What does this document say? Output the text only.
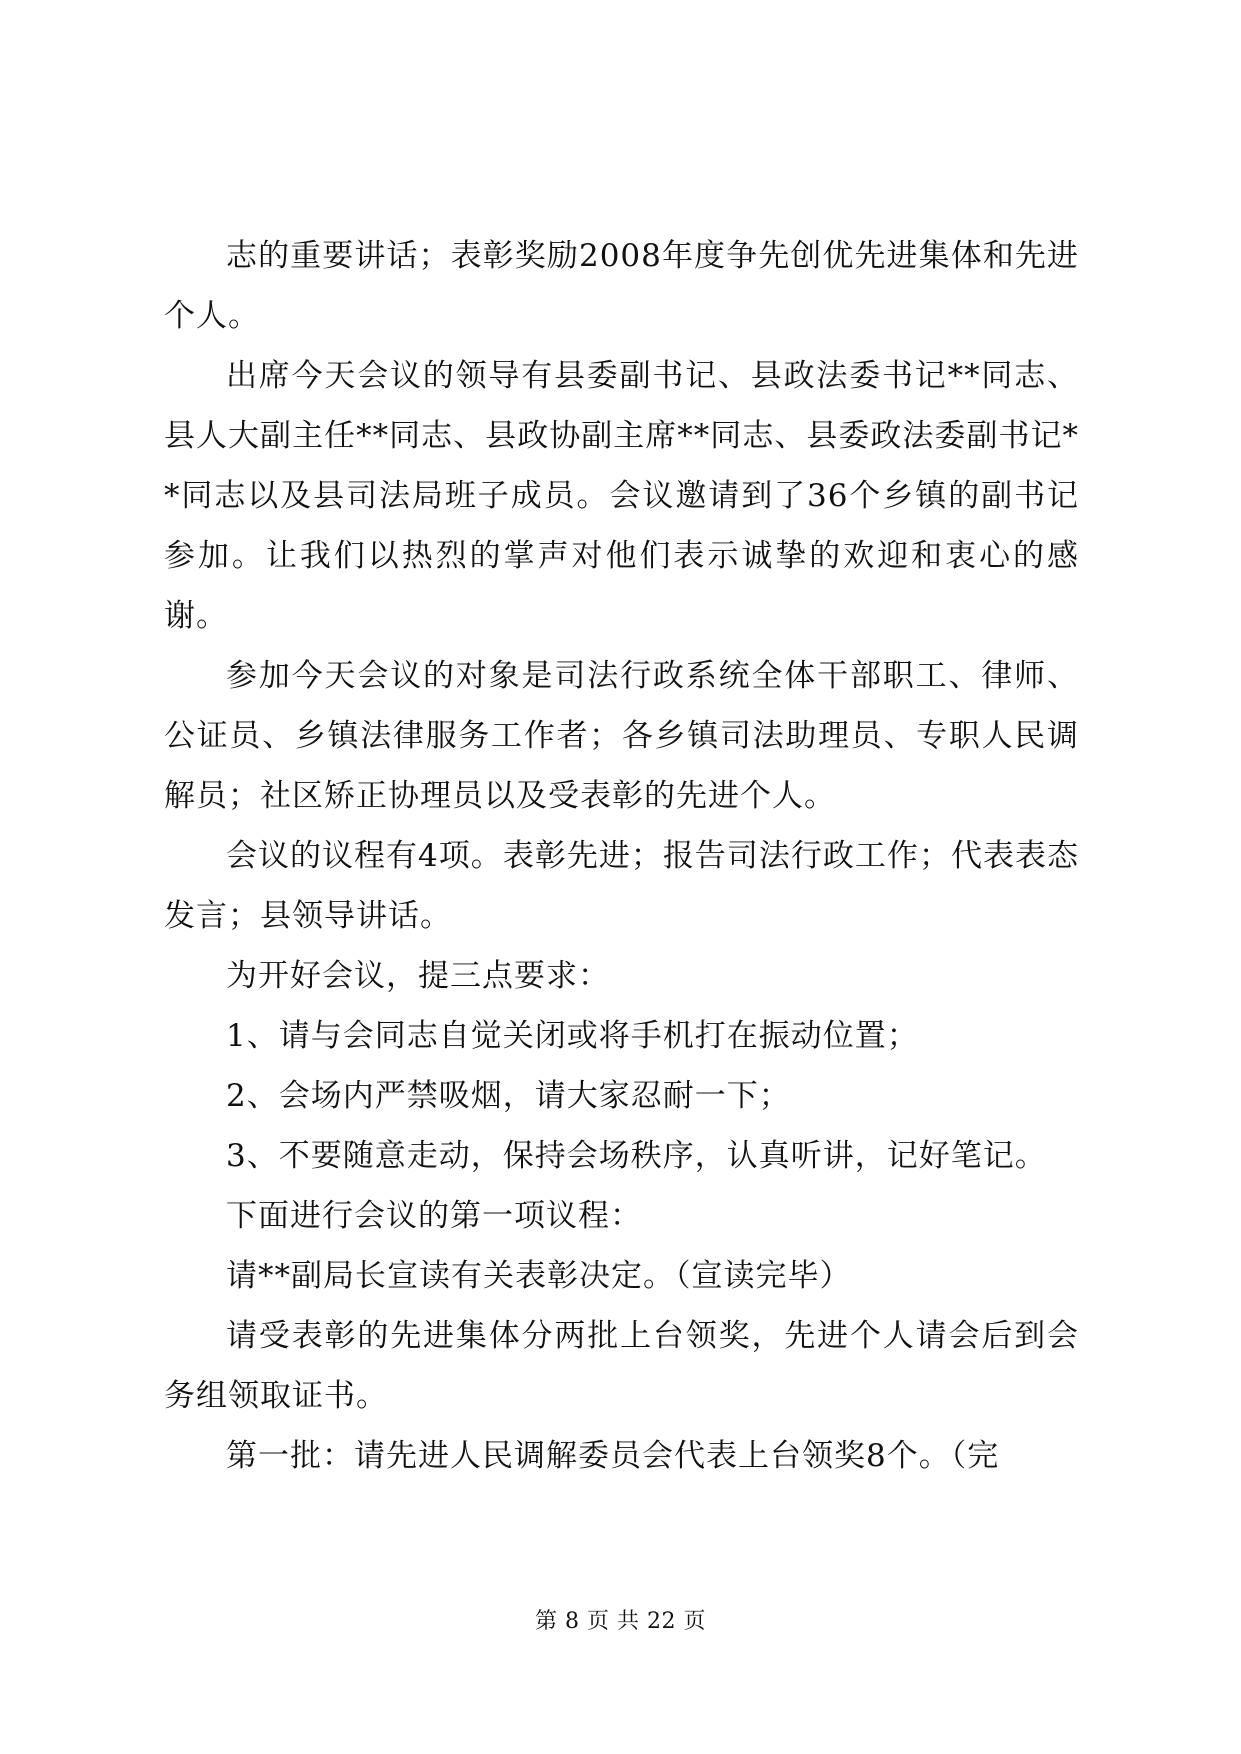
志的重要讲话；表彰奖励2008年度争先创优先进集体和先进个人。

出席今天会议的领导有县委副书记、县政法委书记**同志、县人大副主任**同志、县政协副主席**同志、县委政法委副书记**同志以及县司法局班子成员。会议邀请到了36个乡镇的副书记参加。让我们以热烈的掌声对他们表示诚挚的欢迎和衷心的感谢。

参加今天会议的对象是司法行政系统全体干部职工、律师、公证员、乡镇法律服务工作者；各乡镇司法助理员、专职人民调解员；社区矫正协理员以及受表彰的先进个人。

会议的议程有4项。表彰先进；报告司法行政工作；代表表态发言；县领导讲话。

为开好会议，提三点要求：

1、请与会同志自觉关闭或将手机打在振动位置；

2、会场内严禁吸烟，请大家忍耐一下；

3、不要随意走动，保持会场秩序，认真听讲，记好笔记。

下面进行会议的第一项议程：

请**副局长宣读有关表彰决定。（宣读完毕）

请受表彰的先进集体分两批上台领奖，先进个人请会后到会务组领取证书。

第一批：请先进人民调解委员会代表上台领奖8个。（完

第 8 页 共 22 页
